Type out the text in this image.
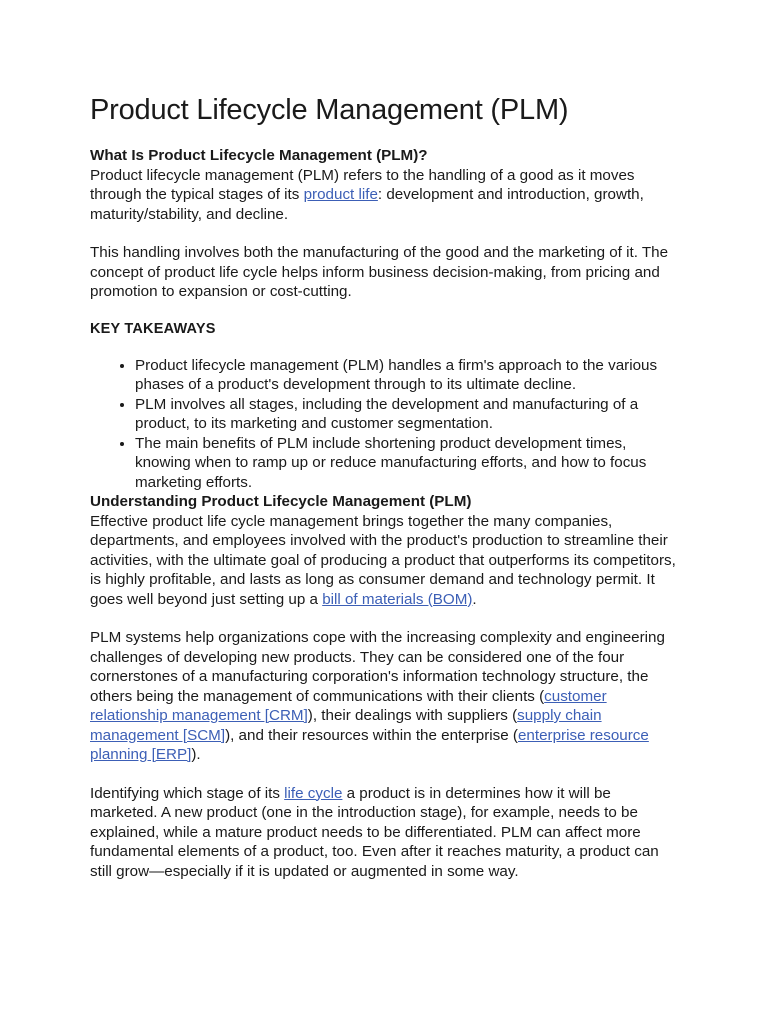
Product Lifecycle Management (PLM)
What Is Product Lifecycle Management (PLM)?

Product lifecycle management (PLM) refers to the handling of a good as it moves through the typical stages of its product life: development and introduction, growth, maturity/stability, and decline.

This handling involves both the manufacturing of the good and the marketing of it. The concept of product life cycle helps inform business decision-making, from pricing and promotion to expansion or cost-cutting.

KEY TAKEAWAYS
• Product lifecycle management (PLM) handles a firm's approach to the various phases of a product's development through to its ultimate decline.
• PLM involves all stages, including the development and manufacturing of a product, to its marketing and customer segmentation.
• The main benefits of PLM include shortening product development times, knowing when to ramp up or reduce manufacturing efforts, and how to focus marketing efforts.
Understanding Product Lifecycle Management (PLM)

Effective product life cycle management brings together the many companies, departments, and employees involved with the product's production to streamline their activities, with the ultimate goal of producing a product that outperforms its competitors, is highly profitable, and lasts as long as consumer demand and technology permit. It goes well beyond just setting up a bill of materials (BOM).

PLM systems help organizations cope with the increasing complexity and engineering challenges of developing new products. They can be considered one of the four cornerstones of a manufacturing corporation's information technology structure, the others being the management of communications with their clients (customer relationship management [CRM]), their dealings with suppliers (supply chain management [SCM]), and their resources within the enterprise (enterprise resource planning [ERP]).

Identifying which stage of its life cycle a product is in determines how it will be marketed. A new product (one in the introduction stage), for example, needs to be explained, while a mature product needs to be differentiated. PLM can affect more fundamental elements of a product, too. Even after it reaches maturity, a product can still grow—especially if it is updated or augmented in some way.
